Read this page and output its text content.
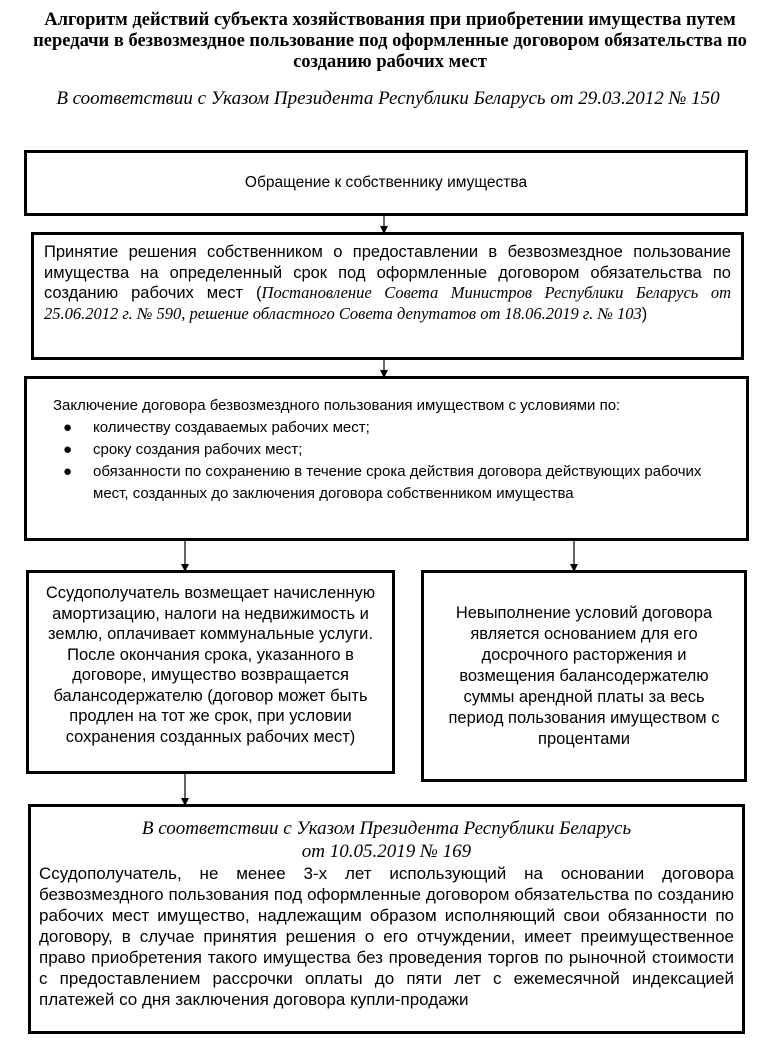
Алгоритм действий субъекта хозяйствования при приобретении имущества путем передачи в безвозмездное пользование под оформленные договором обязательства по созданию рабочих мест
В соответствии с Указом Президента Республики Беларусь от 29.03.2012 № 150
Обращение к собственнику имущества
Принятие решения собственником о предоставлении в безвозмездное пользование имущества на определенный срок под оформленные договором обязательства по созданию рабочих мест (Постановление Совета Министров Республики Беларусь от 25.06.2012 г. № 590, решение областного Совета депутатов от 18.06.2019 г. № 103)

Заключение договора безвозмездного пользования имуществом с условиями по:

● количеству создаваемых рабочих мест;
● сроку создания рабочих мест;
● обязанности по сохранению в течение срока действия договора действующих рабочих мест, созданных до заключения договора собственником имущества
Ссудополучатель возмещает начисленную амортизацию, налоги на недвижимость и землю, оплачивает коммунальные услуги. После окончания срока, указанного в договоре, имущество возвращается балансодержателю (договор может быть продлен на тот же срок, при условии сохранения созданных рабочих мест)
Невыполнение условий договора является основанием для его досрочного расторжения и возмещения балансодержателю суммы арендной платы за весь период пользования имуществом с процентами
В соответствии с Указом Президента Республики Беларусь
от 10.05.2019 № 169
Ссудополучатель, не менее 3-х лет использующий на основании договора безвозмездного пользования под оформленные договором обязательства по созданию рабочих мест имущество, надлежащим образом исполняющий свои обязанности по договору, в случае принятия решения о его отчуждении, имеет преимущественное право приобретения такого имущества без проведения торгов по рыночной стоимости с предоставлением рассрочки оплаты до пяти лет с ежемесячной индексацией платежей со дня заключения договора купли-продажи
